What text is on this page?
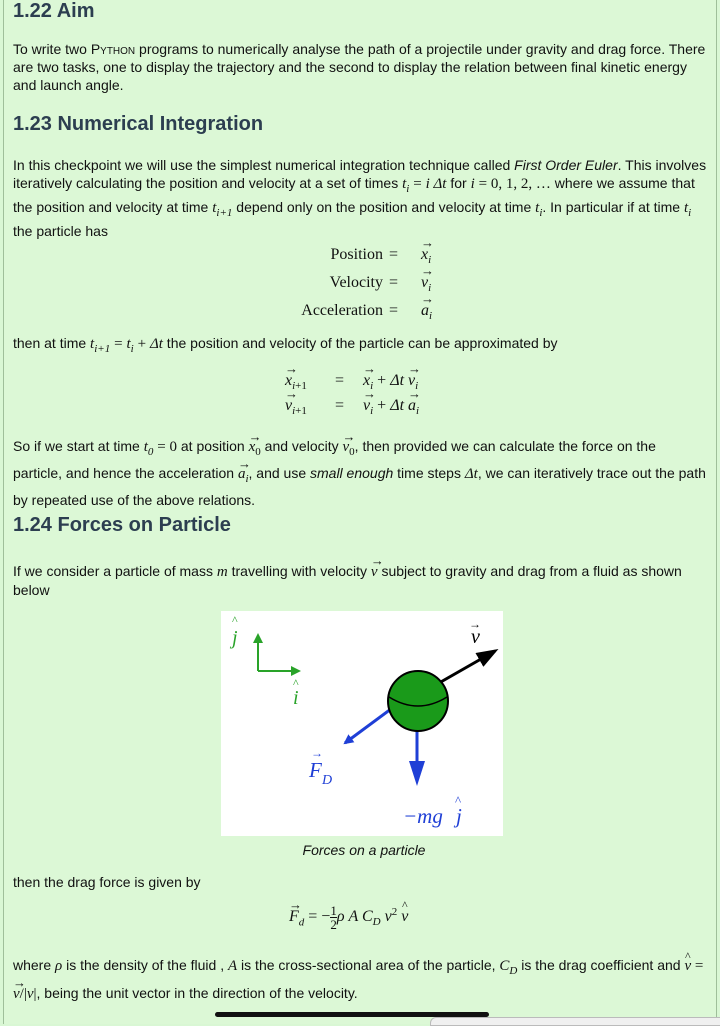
1.22 Aim

To write two Python programs to numerically analyse the path of a projectile under gravity and drag force. There are two tasks, one to display the trajectory and the second to display the relation between final kinetic energy and launch angle.

1.23 Numerical Integration

In this checkpoint we will use the simplest numerical integration technique called First Order Euler. This involves iteratively calculating the position and velocity at a set of times $t_i = i$ Δt for i = 0, 1, 2, … where we assume that the position and velocity at time $t_{i+1}$ depend only on the position and velocity at time $t_i$. In particular if at time $t_i$ the particle has

Position = → $x_i$
Velocity = → $v_i$
Acceleration = → $a_i$

then at time $t_{i+1} = t_i + \Delta t$ the position and velocity of the particle can be approximated by

→ $x_{i+1}$ = → $x_i + \Delta t \to v_i$
→ $v_{i+1}$ = → $v_i + \Delta t \to a_i$

So if we start at time $t_0 = 0$ at position → $x_0$ and velocity → $v_0$, then provided we can calculate the force on the particle, and hence the acceleration → $a_i$, and use small enough time steps Δt, we can iteratively trace out the path by repeated use of the above relations.

1.24 Forces on Particle

If we consider a particle of mass m travelling with velocity → v subject to gravity and drag from a fluid as shown below

j
^
i
^
v
→
F D
→
−mg j
^
Forces on a particle

then the drag force is given by

→ $F_d$ = − $\frac{1}{2}$ ρ A $C_D$ $v^2$ ^ v

where ρ is the density of the fluid , A is the cross-sectional area of the particle, $C_D$ is the drag coefficient and ^ v = → v/|v|, being the unit vector in the direction of the velocity.
